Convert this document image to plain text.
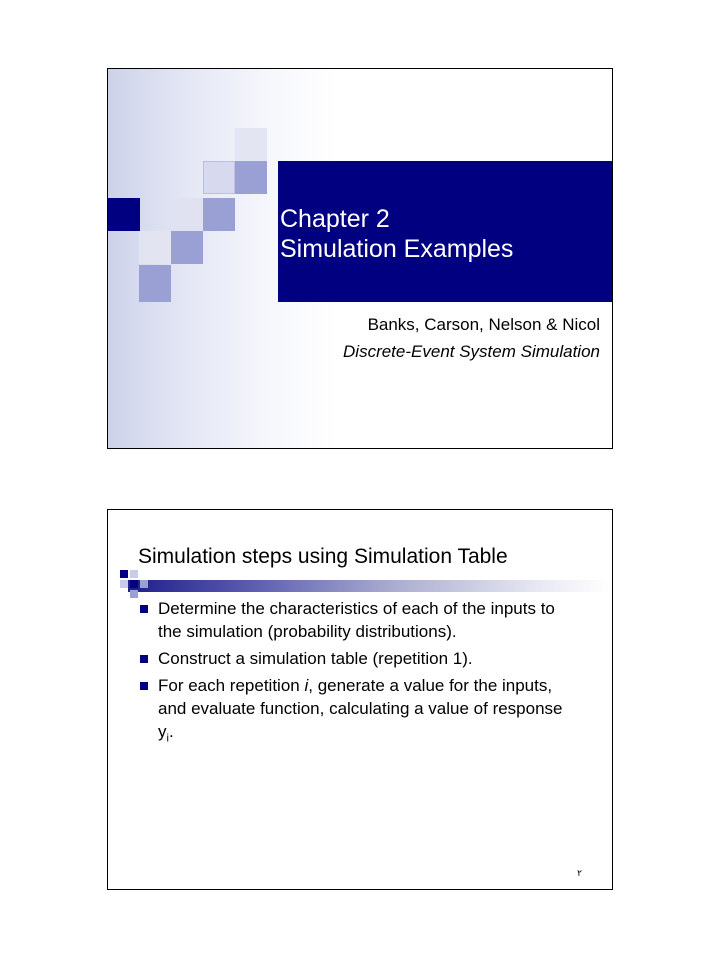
Chapter 2
Simulation Examples
Banks, Carson, Nelson & Nicol
Discrete-Event System Simulation
Simulation steps using Simulation Table
Determine the characteristics of each of the inputs to the simulation (probability distributions).
Construct a simulation table (repetition 1).
For each repetition i, generate a value for the inputs, and evaluate function, calculating a value of response $y_i$.
٢
